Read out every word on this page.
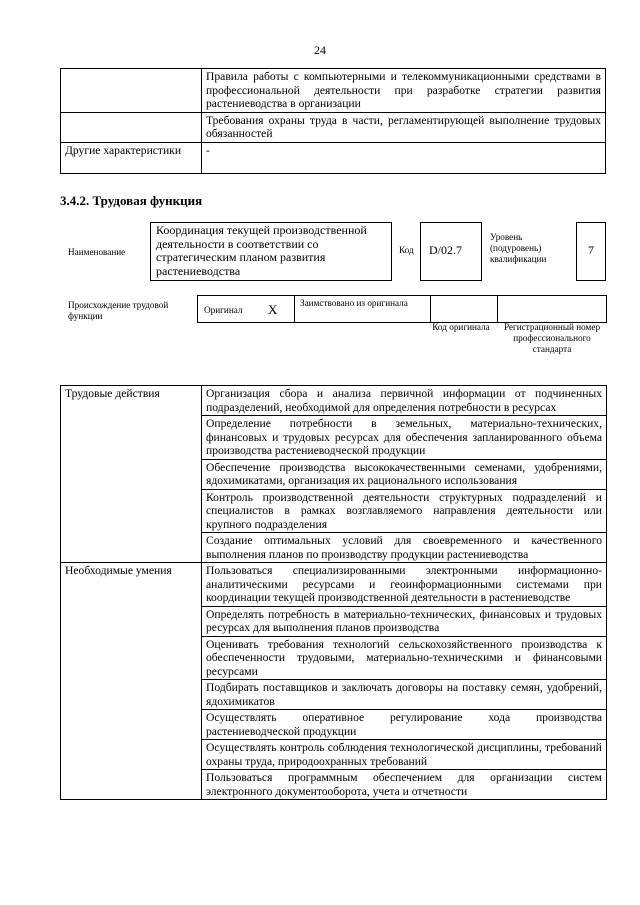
24
	Правила работы с компьютерными и телекоммуникационными средствами в профессиональной деятельности при разработке стратегии развития растениеводства в организации
	Требования охраны труда в части, регламентирующей выполнение трудовых обязанностей
Другие характеристики	-
3.4.2. Трудовая функция
Наименование
Координация текущей производственной деятельности в соответствии со стратегическим планом развития растениеводства
Код	D/02.7
Уровень (подуровень) квалификации
7
Происхождение трудовой функции
Оригинал X Заимствовано из оригинала
Код оригинала	Регистрационный номер профессионального стандарта
Трудовые действия	Организация сбора и анализа первичной информации от подчиненных подразделений, необходимой для определения потребности в ресурсах
	Определение потребности в земельных, материально-технических, финансовых и трудовых ресурсах для обеспечения запланированного объема производства растениеводческой продукции
	Обеспечение производства высококачественными семенами, удобрениями, ядохимикатами, организация их рационального использования
	Контроль производственной деятельности структурных подразделений и специалистов в рамках возглавляемого направления деятельности или крупного подразделения
	Создание оптимальных условий для своевременного и качественного выполнения планов по производству продукции растениеводства
Необходимые умения	Пользоваться специализированными электронными информационно-аналитическими ресурсами и геоинформационными системами при координации текущей производственной деятельности в растениеводстве
	Определять потребность в материально-технических, финансовых и трудовых ресурсах для выполнения планов производства
	Оценивать требования технологий сельскохозяйственного производства к обеспеченности трудовыми, материально-техническими и финансовыми ресурсами
	Подбирать поставщиков и заключать договоры на поставку семян, удобрений, ядохимикатов
	Осуществлять оперативное регулирование хода производства растениеводческой продукции
	Осуществлять контроль соблюдения технологической дисциплины, требований охраны труда, природоохранных требований
	Пользоваться программным обеспечением для организации систем электронного документооборота, учета и отчетности
